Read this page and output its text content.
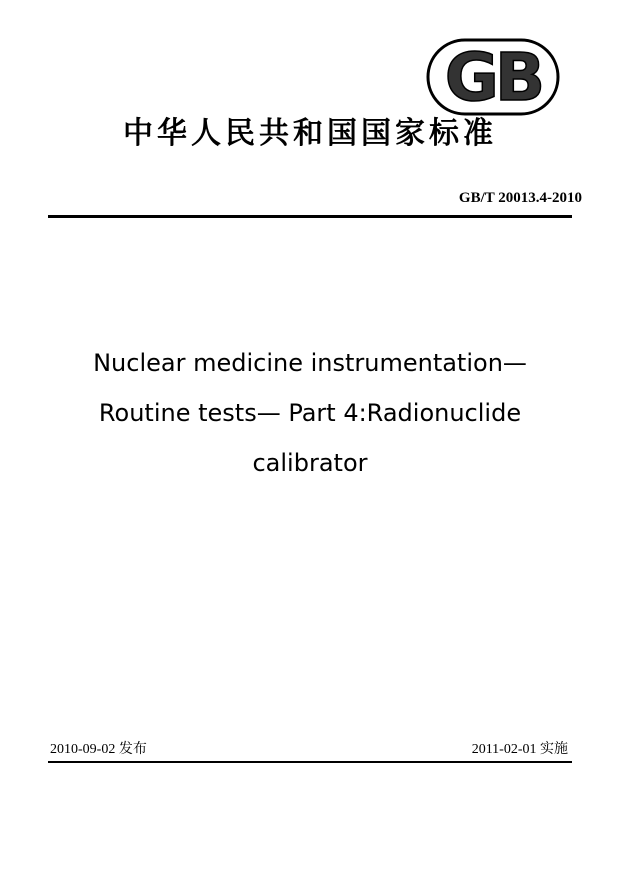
GB
中华人民共和国国家标准
GB/T 20013.4-2010
Nuclear medicine instrumentation—
Routine tests— Part 4:Radionuclide
calibrator
2010-09-02 发布	2011-02-01 实施
